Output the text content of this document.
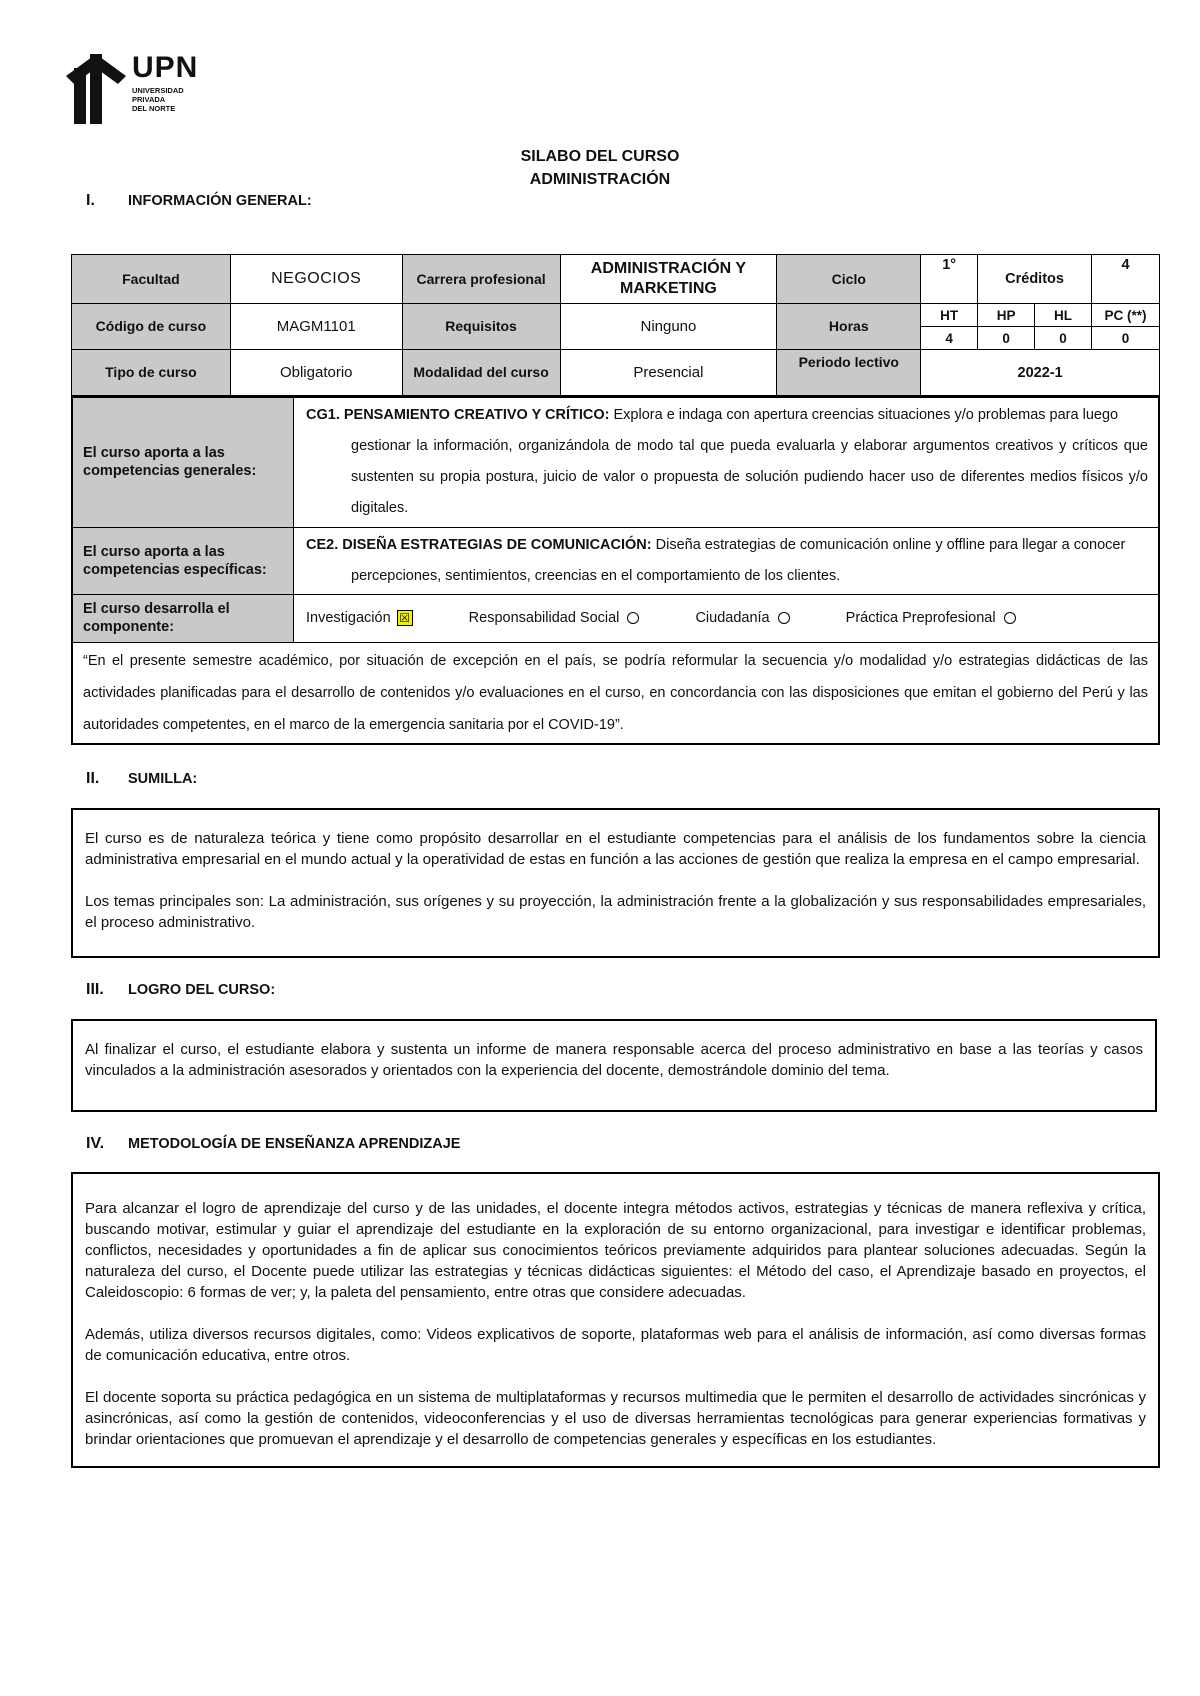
UPN
UNIVERSIDAD
PRIVADA
DEL NORTE
SILABO DEL CURSO
ADMINISTRACIÓN
I. INFORMACIÓN GENERAL:
Facultad	NEGOCIOS	Carrera profesional	ADMINISTRACIÓN Y MARKETING	Ciclo	1°	Créditos		4
Código de curso	MAGM1101	Requisitos	Ninguno	Horas	HT	HP	HL	PC (**)
					4	0	0	0
Tipo de curso	Obligatorio	Modalidad del curso	Presencial	Periodo lectivo	2022-1			
El curso aporta a las competencias generales:	CG1. PENSAMIENTO CREATIVO Y CRÍTICO: Explora e indaga con apertura creencias situaciones y/o problemas para luego
gestionar la información, organizándola de modo tal que pueda evaluarla y elaborar argumentos creativos y críticos que sustenten su propia postura, juicio de valor o propuesta de solución pudiendo hacer uso de diferentes medios físicos y/o digitales.

El curso aporta a las competencias específicas:	CE2. DISEÑA ESTRATEGIAS DE COMUNICACIÓN: Diseña estrategias de comunicación online y offline para llegar a conocer
percepciones, sentimientos, creencias en el comportamiento de los clientes.

El curso desarrolla el componente:	Investigación ☒ Responsabilidad Social Ciudadanía Práctica Preprofesional
“En el presente semestre académico, por situación de excepción en el país, se podría reformular la secuencia y/o modalidad y/o estrategias didácticas de las actividades planificadas para el desarrollo de contenidos y/o evaluaciones en el curso, en concordancia con las disposiciones que emitan el gobierno del Perú y las autoridades competentes, en el marco de la emergencia sanitaria por el COVID-19”.	
II. SUMILLA:

El curso es de naturaleza teórica y tiene como propósito desarrollar en el estudiante competencias para el análisis de los fundamentos sobre la ciencia administrativa empresarial en el mundo actual y la operatividad de estas en función a las acciones de gestión que realiza la empresa en el campo empresarial.

Los temas principales son: La administración, sus orígenes y su proyección, la administración frente a la globalización y sus responsabilidades empresariales, el proceso administrativo.

III. LOGRO DEL CURSO:

Al finalizar el curso, el estudiante elabora y sustenta un informe de manera responsable acerca del proceso administrativo en base a las teorías y casos vinculados a la administración asesorados y orientados con la experiencia del docente, demostrándole dominio del tema.

IV. METODOLOGÍA DE ENSEÑANZA APRENDIZAJE

Para alcanzar el logro de aprendizaje del curso y de las unidades, el docente integra métodos activos, estrategias y técnicas de manera reflexiva y crítica, buscando motivar, estimular y guiar el aprendizaje del estudiante en la exploración de su entorno organizacional, para investigar e identificar problemas, conflictos, necesidades y oportunidades a fin de aplicar sus conocimientos teóricos previamente adquiridos para plantear soluciones adecuadas. Según la naturaleza del curso, el Docente puede utilizar las estrategias y técnicas didácticas siguientes: el Método del caso, el Aprendizaje basado en proyectos, el Caleidoscopio: 6 formas de ver; y, la paleta del pensamiento, entre otras que considere adecuadas.

Además, utiliza diversos recursos digitales, como: Videos explicativos de soporte, plataformas web para el análisis de información, así como diversas formas de comunicación educativa, entre otros.

El docente soporta su práctica pedagógica en un sistema de multiplataformas y recursos multimedia que le permiten el desarrollo de actividades sincrónicas y asincrónicas, así como la gestión de contenidos, videoconferencias y el uso de diversas herramientas tecnológicas para generar experiencias formativas y brindar orientaciones que promuevan el aprendizaje y el desarrollo de competencias generales y específicas en los estudiantes.
